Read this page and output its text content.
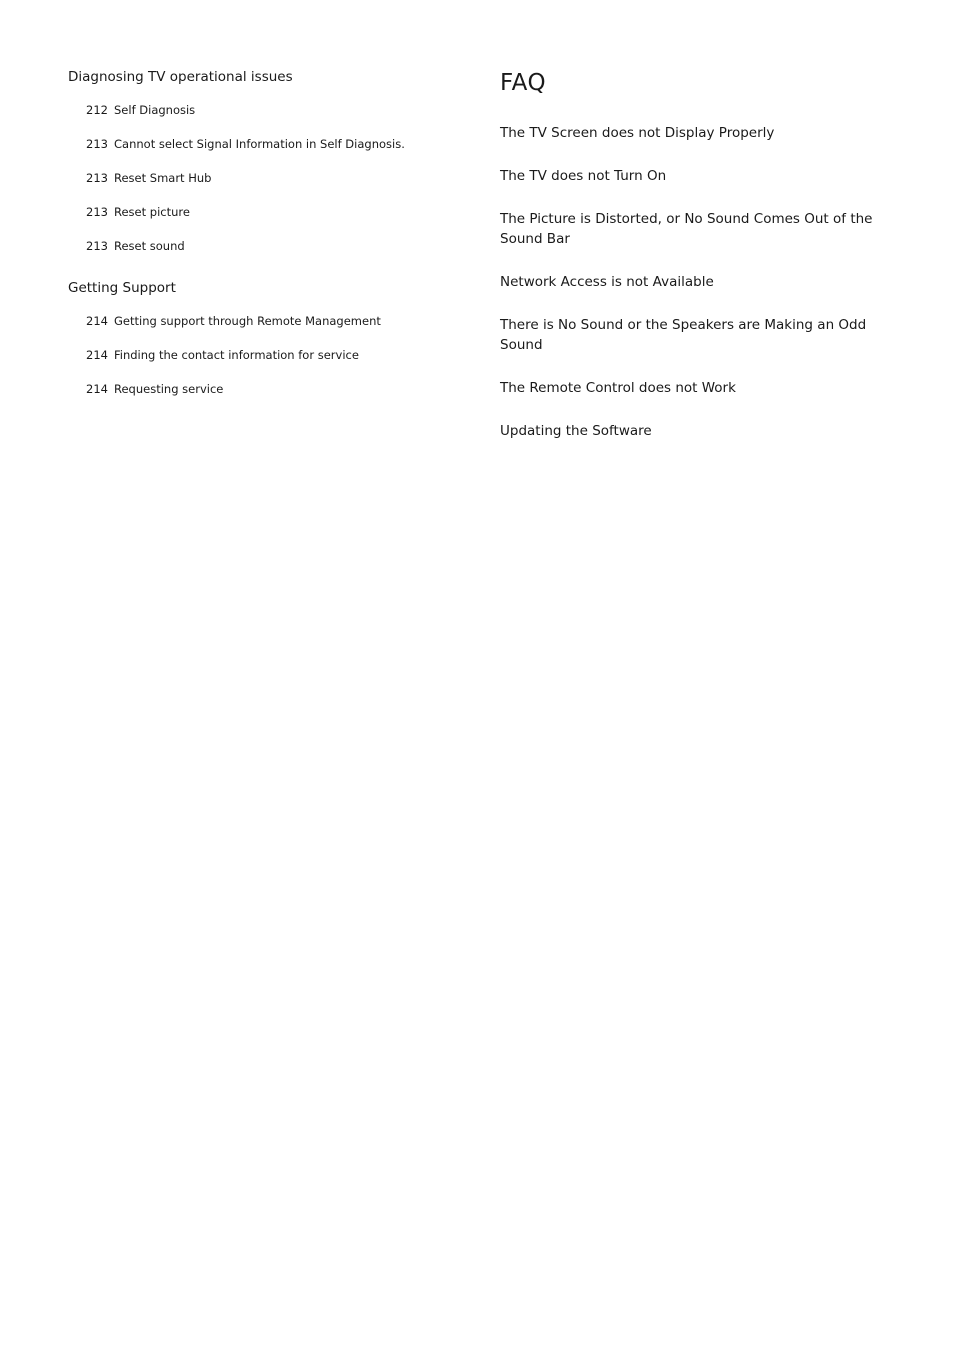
Diagnosing TV operational issues
212 Self Diagnosis
213 Cannot select Signal Information in Self Diagnosis.
213 Reset Smart Hub
213 Reset picture
213 Reset sound
Getting Support
214 Getting support through Remote Management
214 Finding the contact information for service
214 Requesting service
FAQ
The TV Screen does not Display Properly
The TV does not Turn On
The Picture is Distorted, or No Sound Comes Out of the Sound Bar
Network Access is not Available
There is No Sound or the Speakers are Making an Odd Sound
The Remote Control does not Work
Updating the Software
